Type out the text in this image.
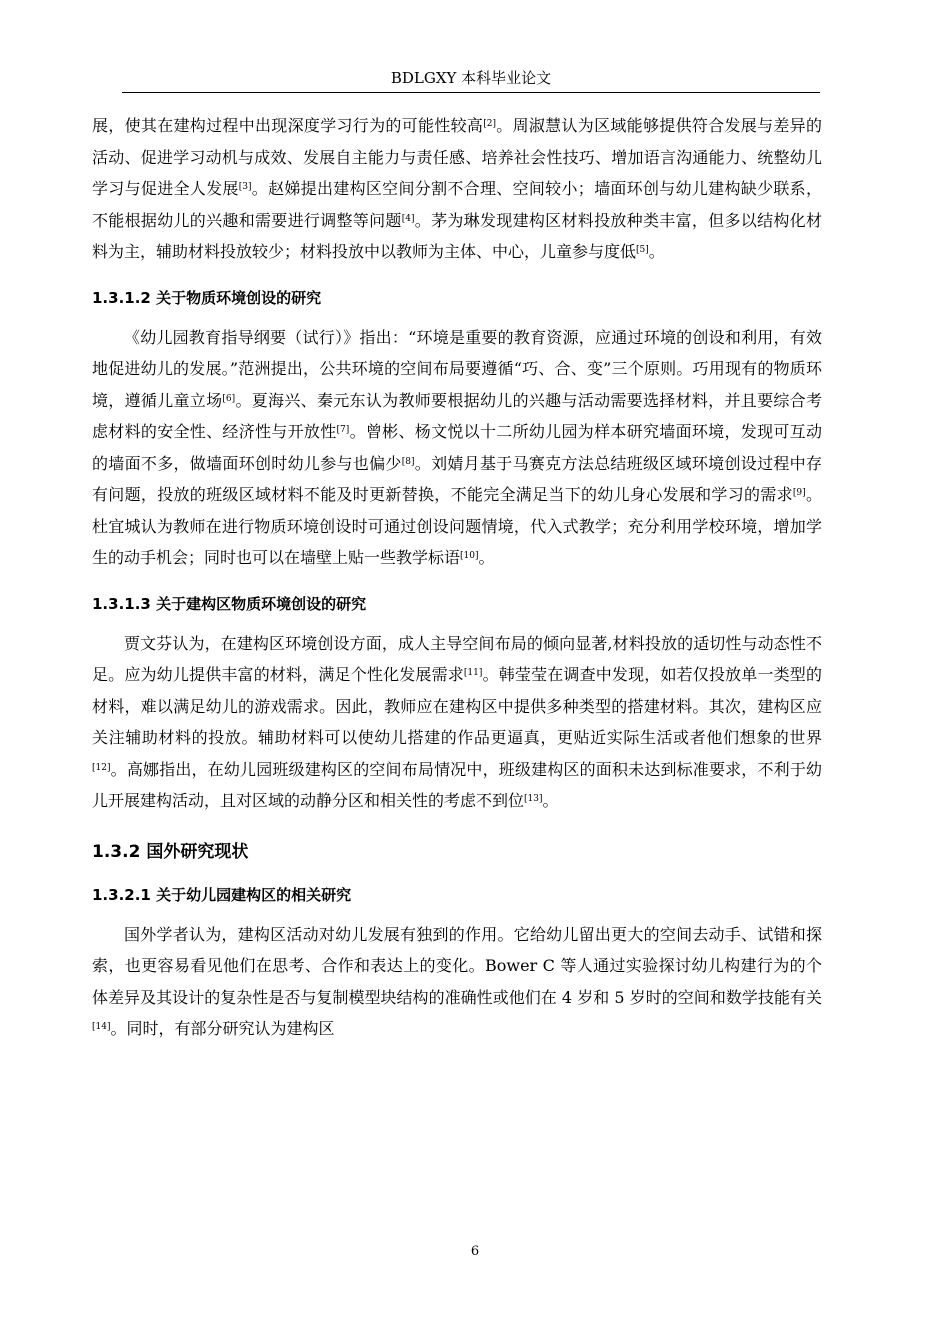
BDLGXY 本科毕业论文

展，使其在建构过程中出现深度学习行为的可能性较高[2]。周淑慧认为区域能够提供符合发展与差异的活动、促进学习动机与成效、发展自主能力与责任感、培养社会性技巧、增加语言沟通能力、统整幼儿学习与促进全人发展[3]。赵娣提出建构区空间分割不合理、空间较小；墙面环创与幼儿建构缺少联系，不能根据幼儿的兴趣和需要进行调整等问题[4]。茅为琳发现建构区材料投放种类丰富，但多以结构化材料为主，辅助材料投放较少；材料投放中以教师为主体、中心，儿童参与度低[5]。

1.3.1.2 关于物质环境创设的研究

《幼儿园教育指导纲要（试行）》指出：“环境是重要的教育资源，应通过环境的创设和利用，有效地促进幼儿的发展。”范洲提出，公共环境的空间布局要遵循“巧、合、变”三个原则。巧用现有的物质环境，遵循儿童立场[6]。夏海兴、秦元东认为教师要根据幼儿的兴趣与活动需要选择材料，并且要综合考虑材料的安全性、经济性与开放性[7]。曾彬、杨文悦以十二所幼儿园为样本研究墙面环境，发现可互动的墙面不多，做墙面环创时幼儿参与也偏少[8]。刘婧月基于马赛克方法总结班级区域环境创设过程中存有问题，投放的班级区域材料不能及时更新替换，不能完全满足当下的幼儿身心发展和学习的需求[9]。杜宜城认为教师在进行物质环境创设时可通过创设问题情境，代入式教学；充分利用学校环境，增加学生的动手机会；同时也可以在墙壁上贴一些教学标语[10]。

1.3.1.3 关于建构区物质环境创设的研究

贾文芬认为，在建构区环境创设方面，成人主导空间布局的倾向显著,材料投放的适切性与动态性不足。应为幼儿提供丰富的材料，满足个性化发展需求[11]。韩莹莹在调查中发现，如若仅投放单一类型的材料，难以满足幼儿的游戏需求。因此，教师应在建构区中提供多种类型的搭建材料。其次，建构区应关注辅助材料的投放。辅助材料可以使幼儿搭建的作品更逼真，更贴近实际生活或者他们想象的世界[12]。高娜指出，在幼儿园班级建构区的空间布局情况中，班级建构区的面积未达到标准要求，不利于幼儿开展建构活动，且对区域的动静分区和相关性的考虑不到位[13]。

1.3.2 国外研究现状
1.3.2.1 关于幼儿园建构区的相关研究

国外学者认为，建构区活动对幼儿发展有独到的作用。它给幼儿留出更大的空间去动手、试错和探索，也更容易看见他们在思考、合作和表达上的变化。Bower C 等人通过实验探讨幼儿构建行为的个体差异及其设计的复杂性是否与复制模型块结构的准确性或他们在 4 岁和 5 岁时的空间和数学技能有关[14]。同时，有部分研究认为建构区

6
